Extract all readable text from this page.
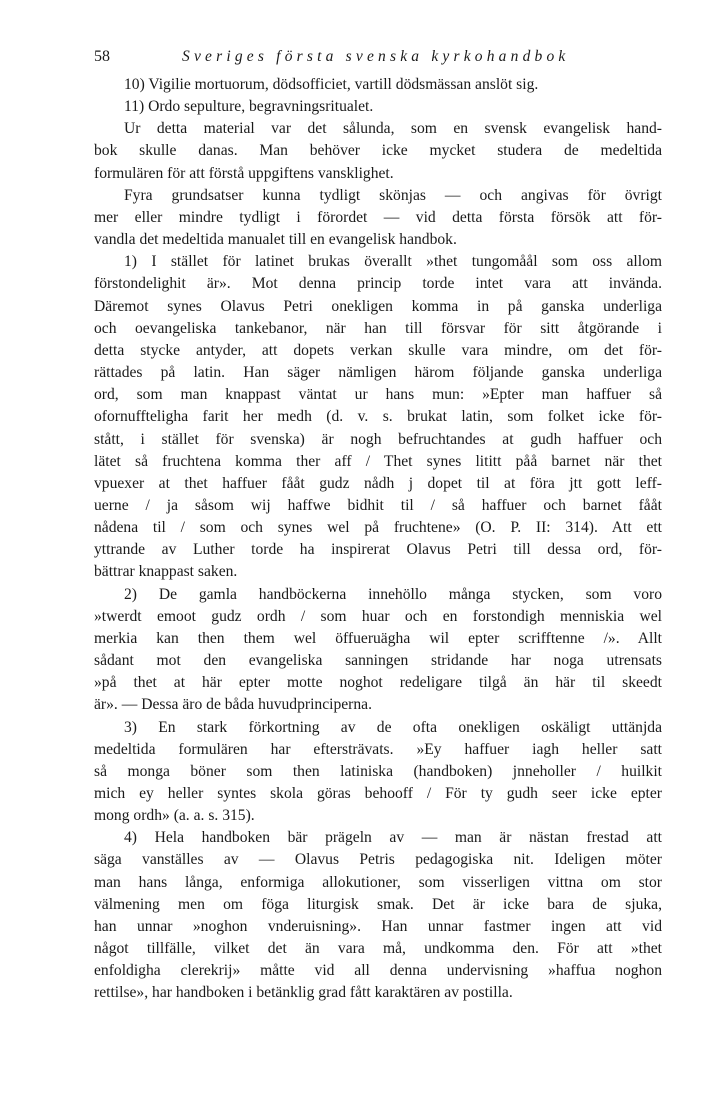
58	Sveriges första svenska kyrkohandbok
10) Vigilie mortuorum, dödsofficiet, vartill dödsmässan anslöt sig.
11) Ordo sepulture, begravningsritualet.

Ur detta material var det sålunda, som en svensk evangelisk hand-
bok skulle danas. Man behöver icke mycket studera de medeltida
formulären för att förstå uppgiftens vansklighet.

Fyra grundsatser kunna tydligt skönjas — och angivas för övrigt
mer eller mindre tydligt i förordet — vid detta första försök att för-
vandla det medeltida manualet till en evangelisk handbok.

1) I stället för latinet brukas överallt »thet tungomåål som oss allom
förstondelighit är». Mot denna princip torde intet vara att invända.
Däremot synes Olavus Petri onekligen komma in på ganska underliga
och oevangeliska tankebanor, när han till försvar för sitt åtgörande i
detta stycke antyder, att dopets verkan skulle vara mindre, om det för-
rättades på latin. Han säger nämligen härom följande ganska underliga
ord, som man knappast väntat ur hans mun: »Epter man haffuer så
ofornuffteligha farit her medh (d. v. s. brukat latin, som folket icke för-
stått, i stället för svenska) är nogh befruchtandes at gudh haffuer och
lätet så fruchtena komma ther aff / Thet synes lititt påå barnet när thet
vpuexer at thet haffuer fååt gudz nådh j dopet til at föra jtt gott leff-
uerne / ja såsom wij haffwe bidhit til / så haffuer och barnet fååt
nådena til / som och synes wel på fruchtene» (O. P. II: 314). Att ett
yttrande av Luther torde ha inspirerat Olavus Petri till dessa ord, för-
bättrar knappast saken.

2) De gamla handböckerna innehöllo många stycken, som voro
»twerdt emoot gudz ordh / som huar och en forstondigh menniskia wel
merkia kan then them wel öffueruägha wil epter scrifftenne /». Allt
sådant mot den evangeliska sanningen stridande har noga utrensats
»på thet at här epter motte noghot redeligare tilgå än här til skeedt
är». — Dessa äro de båda huvudprinciperna.

3) En stark förkortning av de ofta onekligen oskäligt uttänjda
medeltida formulären har eftersträvats. »Ey haffuer iagh heller satt
så monga böner som then latiniska (handboken) jnneholler / huilkit
mich ey heller syntes skola göras behooff / För ty gudh seer icke epter
mong ordh» (a. a. s. 315).

4) Hela handboken bär prägeln av — man är nästan frestad att
säga vanställes av — Olavus Petris pedagogiska nit. Ideligen möter
man hans långa, enformiga allokutioner, som visserligen vittna om stor
välmening men om föga liturgisk smak. Det är icke bara de sjuka,
han unnar »noghon vnderuisning». Han unnar fastmer ingen att vid
något tillfälle, vilket det än vara må, undkomma den. För att »thet
enfoldigha clerekrij» måtte vid all denna undervisning »haffua noghon
rettilse», har handboken i betänklig grad fått karaktären av postilla.
